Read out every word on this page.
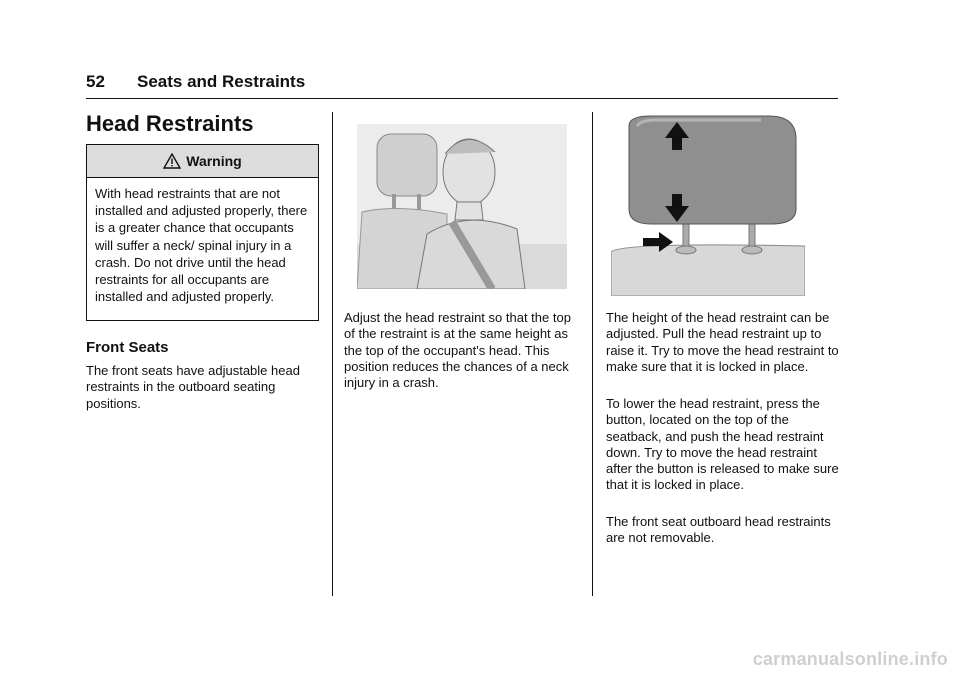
52 Seats and Restraints
Head Restraints
Warning
With head restraints that are not installed and adjusted properly, there is a greater chance that occupants will suffer a neck/ spinal injury in a crash. Do not drive until the head restraints for all occupants are installed and adjusted properly.
Front Seats

The front seats have adjustable head restraints in the outboard seating positions.

Adjust the head restraint so that the top of the restraint is at the same height as the top of the occupant's head. This position reduces the chances of a neck injury in a crash.

The height of the head restraint can be adjusted. Pull the head restraint up to raise it. Try to move the head restraint to make sure that it is locked in place.

To lower the head restraint, press the button, located on the top of the seatback, and push the head restraint down. Try to move the head restraint after the button is released to make sure that it is locked in place.

The front seat outboard head restraints are not removable.

carmanualsonline.info
